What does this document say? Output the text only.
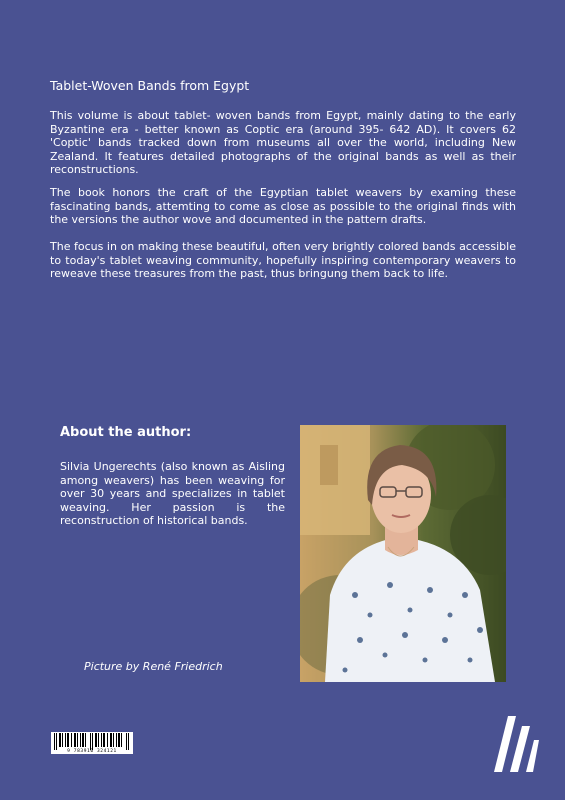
Tablet-Woven Bands from Egypt

This volume is about tablet- woven bands from Egypt, mainly dating to the early Byzantine era - better known as Coptic era (around 395- 642 AD). It covers 62 'Coptic' bands tracked down from museums all over the world, including New Zealand. It features detailed photographs of the original bands as well as their reconstructions.

The book honors the craft of the Egyptian tablet weavers by examing these fascinating bands, attemting to come as close as possible to the original finds with the versions the author wove and documented in the pattern drafts.

The focus in on making these beautiful, often very brightly colored bands accessible to today's tablet weaving community, hopefully inspiring contemporary weavers to reweave these treasures from the past, thus bringung them back to life.

About the author:

Silvia Ungerechts (also known as Aisling among weavers) has been weaving for over 30 years and specializes in tablet weaving. Her passion is the reconstruction of historical bands.

Picture by René Friedrich
9 783910 324121
